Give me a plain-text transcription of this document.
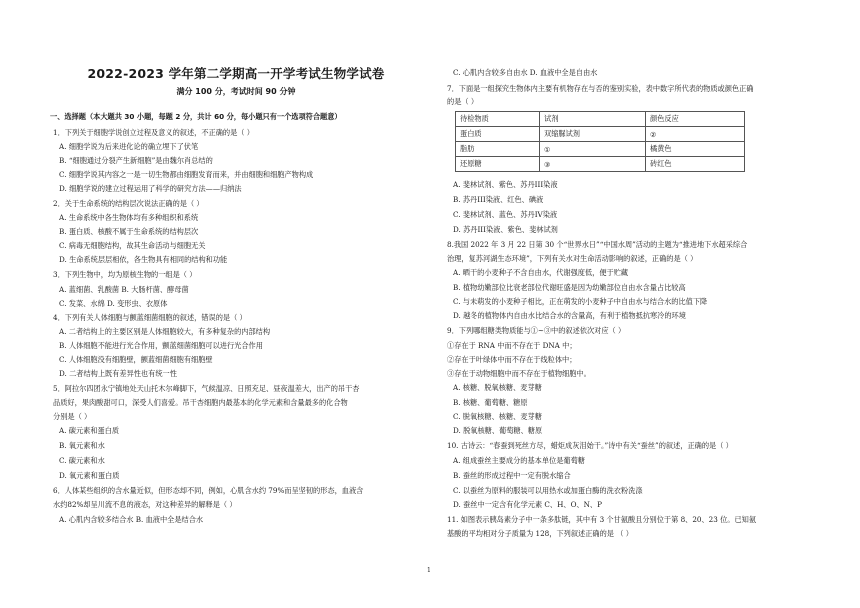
2022-2023 学年第二学期高一开学考试生物学试卷
满分 100 分，考试时间 90 分钟
一、选择题（本大题共 30 小题，每题 2 分，共计 60 分，每小题只有一个选项符合题意）
1．下列关于细胞学说创立过程及意义的叙述，不正确的是（ ）
A. 细胞学说为后来进化论的确立埋下了伏笔
B. “细胞通过分裂产生新细胞”是由魏尔肖总结的
C. 细胞学说其内容之一是一切生物都由细胞发育而来，并由细胞和细胞产物构成
D. 细胞学说的建立过程运用了科学的研究方法——归纳法
2．关于生命系统的结构层次说法正确的是（ ）
A. 生命系统中各生物体均有多种组织和系统
B. 蛋白质、核酸不属于生命系统的结构层次
C. 病毒无细胞结构，故其生命活动与细胞无关
D. 生命系统层层相依，各生物具有相同的结构和功能
3．下列生物中，均为原核生物的一组是（ ）
A. 蓝细菌、乳酸菌 B. 大肠杆菌、酵母菌
C. 发菜、水绵 D. 变形虫、衣原体
4．下列有关人体细胞与颤蓝细菌细胞的叙述，错误的是（ ）
A. 二者结构上的主要区别是人体细胞较大，有多种复杂的内部结构
B. 人体细胞不能进行光合作用，颤蓝细菌细胞可以进行光合作用
C. 人体细胞没有细胞壁，颤蓝细菌细胞有细胞壁
D. 二者结构上既有差异性也有统一性
5．阿拉尔四团永宁镇地处天山托木尔峰脚下，气候温凉、日照充足、昼夜温差大，出产的吊干杏
品质好，果肉酸甜可口，深受人们喜爱。吊干杏细胞内最基本的化学元素和含量最多的化合物
分别是（ ）
A. 碳元素和蛋白质
B. 氧元素和水
C. 碳元素和水
D. 氧元素和蛋白质
6．人体某些组织的含水量近似，但形态却不同，例如，心肌含水约 79%而呈坚韧的形态，血液含
水约82%却呈川流不息的液态，对这种差异的解释是（ ）
A. 心肌内含较多结合水 B. 血液中全是结合水
C. 心肌内含较多自由水 D. 血液中全是自由水
7．下面是一组探究生物体内主要有机物存在与否的鉴别实验，表中数字所代表的物质或颜色正确
的是（ ）
待检物质	试剂	颜色反应
蛋白质	双缩脲试剂	②
脂肪	①	橘黄色
还原糖	③	砖红色
A. 斐林试剂、紫色、苏丹III染液
B. 苏丹III染液、红色、碘液
C. 斐林试剂、蓝色、苏丹IV染液
D. 苏丹III染液、紫色、斐林试剂
8.我国 2022 年 3 月 22 日第 30 个“世界水日”“中国水周”活动的主题为“推进地下水超采综合
治理，复苏河湖生态环境”，下列有关水对生命活动影响的叙述，正确的是（ ）
A. 晒干的小麦种子不含自由水，代谢强度低，便于贮藏
B. 植物幼嫩部位比衰老部位代谢旺盛是因为幼嫩部位自由水含量占比较高
C. 与未萌发的小麦种子相比，正在萌发的小麦种子中自由水与结合水的比值下降
D. 越冬的植物体内自由水比结合水的含量高，有利于植物抵抗寒冷的环境
9．下列哪组糖类物质能与①~③中的叙述依次对应（ ）
①存在于 RNA 中而不存在于 DNA 中；
②存在于叶绿体中而不存在于线粒体中；
③存在于动物细胞中而不存在于植物细胞中。
A. 核糖、脱氧核糖、麦芽糖
B. 核糖、葡萄糖、糖原
C. 脱氧核糖、核糖、麦芽糖
D. 脱氧核糖、葡萄糖、糖原
10. 古诗云：“春蚕到死丝方尽，蜡炬成灰泪始干。”诗中有关“蚕丝”的叙述，正确的是（ ）
A. 组成蚕丝主要成分的基本单位是葡萄糖
B. 蚕丝的形成过程中一定有脱水缩合
C. 以蚕丝为原料的服装可以用热水或加蛋白酶的洗衣粉洗涤
D. 蚕丝中一定含有化学元素 C、H、O、N、P
11. 如图表示胰岛素分子中一条多肽链，其中有 3 个甘氨酸且分别位于第 8、20、23 位。已知氨
基酸的平均相对分子质量为 128，下列叙述正确的是 （ ）
1
